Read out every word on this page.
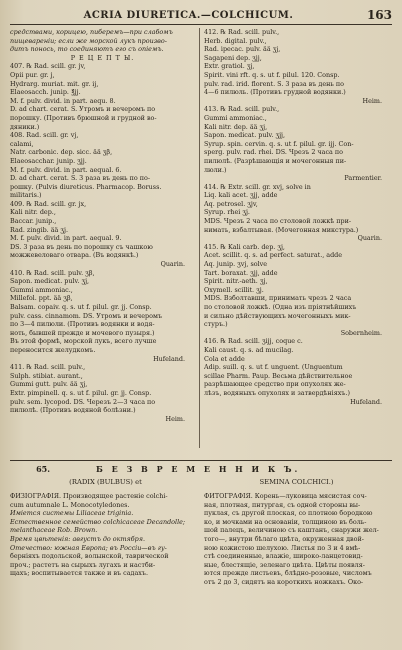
ACRIA DIURETICA.—COLCHICUM.	163
средствами, корицею, пиберемъ—при слабомъ
пищевареніи; если же морской лукъ произво-
дитъ понось, то соединяютъ его съ опіемъ.
Р Е Ц Е П Т Ы.
407. ℞ Rad. scill. gr. jv,
Opii pur. gr. j,
Hydrarg. muriat. mit. gr. ij,
Elaeosacch. junip. ℥jj.
M. f. pulv. divid. in part. aequ. 8.
D. ad chart. cerat. S. Утромъ и вечеромъ по
порошку. (Противъ брюшной и грудной во-
дяники.)
408. Rad. scill. gr. vj,
calami,
Natr. carbonic. dep. sicc. ää ʒβ,
Elaeosacchar. junip. ʒjj.
M. f. pulv. divid. in part. aequal. 6.
D. ad chart. cerat. S. 3 раза въ день по по-
рошку. (Pulvis diureticus. Pharmacop. Boruss.
militaris.)
409. ℞ Rad. scill. gr. jx,
Kali nitr. dep.,
Baccar. junip.,
Rad. zingib. ää ʒj.
M. f. pulv. divid. in part. aequal. 9.
DS. 3 раза въ день по порошку съ чашкою
можжевеловаго отвара. (Въ водянкѣ.)
Quarin.
410. ℞ Rad. scill. pulv. ʒβ,
Sapon. medicat. pulv. ʒj,
Gummi ammoniac.,
Millefol. ppt. ää ʒβ,
Balsam. copaiv. q. s. ut f. pilul. gr. jj. Consp.
pulv. cass. cinnamom. DS. Утромъ и вечеромъ
по 3—4 пилюли. (Противъ водянки и водя-
ноть, бывшей прежде и мочевого пузыря.)
Въ этой формѣ, морской лукъ, всего лучше
переносится желудкомъ.
Hufeland.
411. ℞ Rad. scill. pulv.,
Sulph. stibiat. aurant.,
Gummi gutt. pulv. ää ʒj,
Extr. pimpinell. q. s. ut f. pilul. gr. jj. Consp.
pulv. sem. lycopod. DS. Черезъ 2—3 часа по
пилюлѣ. (Противъ водяной болѣзни.)
Heim.
412. ℞ Rad. scill. pulv.,
Herb. digital. pulv.,
Rad. ipecac. pulv. ää ʒj,
Sagapeni dep. ʒjj,
Extr. gratiol. ʒj,
Spirit. vini rft. q. s. ut f. pilul. 120. Consp.
pulv. rad. irid. florent. S. 3 раза въ день по
4—6 пилюль. (Противъ грудной водянки.)
Heim.
413. ℞ Rad. scill. pulv.,
Gummi ammoniac.,
Kali nitr. dep. ää ʒj,
Sapon. medicat. pulv. ʒjj,
Syrup. spin. cervin. q. s. ut f. pilul. gr. ijj. Con-
sperg. pulv. rad. rhei. DS. Чрезъ 2 часа по
пилюлѣ. (Разрѣшающія и мочегонныя пи-
люли.)
Parmentier.
414. ℞ Extr. scill. gr. xvj, solve in
Liq. kali acet. ʒjj, adde
Aq. petrosel. ʒjv,
Syrup. rhei ʒj.
MDS. Чрезъ 2 часа по столовой ложкѣ при-
нимать, взбалтывая. (Мочегонная микстура.)
Quarin.
415. ℞ Kali carb. dep. ʒj,
Acet. scillit. q. s. ad perfect. saturat., adde
Aq. junip. ʒvj, solve
Tart. boraxat. ʒjj, adde
Spirit. nitr.-aeth. ʒj,
Oxymell. scillit. ʒj.
MDS. Взболтавши, принимать чрезъ 2 часа
по столовой ложкѣ. (Одна изъ пріятнѣйшихъ
и сильно дѣйствующихъ мочегонныхъ мик-
стуръ.)
Sobernheim.
416. ℞ Rad. scill. ʒijj, coque c.
Kali caust. q. s. ad mucilag.
Cola et adde
Adip. suill. q. s. ut f. unguent. (Unguentum
scillae Pharm. Paup. Весьма дѣйствительное
разрѣшающее средство при опухолях же-
лѣзъ, водяныхъ опухолях и затвердѣніяхъ.)
Hufeland.
65.	Б Е З В Р Е М Е Н Н И К Ъ.
(RADIX (BULBUS) et	SEMINA COLCHICI.)
ФИЗІОГРАФІЯ. Производящее растеніе colchi-
cum autumnale L. Monocotyledones.
Иміется системы Liliaceae triginia.
Естественное семейство colchicaceae Decandolle;
melanthaceae Rob. Brown.
Время цвѣтенія: августъ до октября.
Отечество: южная Европа; въ Россіи—въ гу-
берніяхъ подольской, волынской, таврической
проч.; растетъ на сырыхъ лугахъ и настби-
щахъ; воспитывается также и въ садахъ.
ФИТОГРАФІЯ. Корень—луковица мясистая соч-
ная, плотная, пнтургая, съ одной стороны вы-
пуклая, съ другой плоская, со плотною бородкою
ко, и мочками на основаніи, толщиною въ боль-
шой палецъ, величиною съ каштанъ, снаружи жел-
того—, внутри бѣлаго цвѣта, окруженная двой-
ною кожистою шелухою. Листья по 3 и 4 вмѣ-
стѣ соединенные, влажіе, широко-ланцетовид-
ные, блестящіе, зеленаго цвѣта. Цвѣты появля-
ются прежде листьевъ, блѣдно-розовые, числомъ
отъ 2 до 3, сидятъ на короткихъ ножкахъ. Око-
